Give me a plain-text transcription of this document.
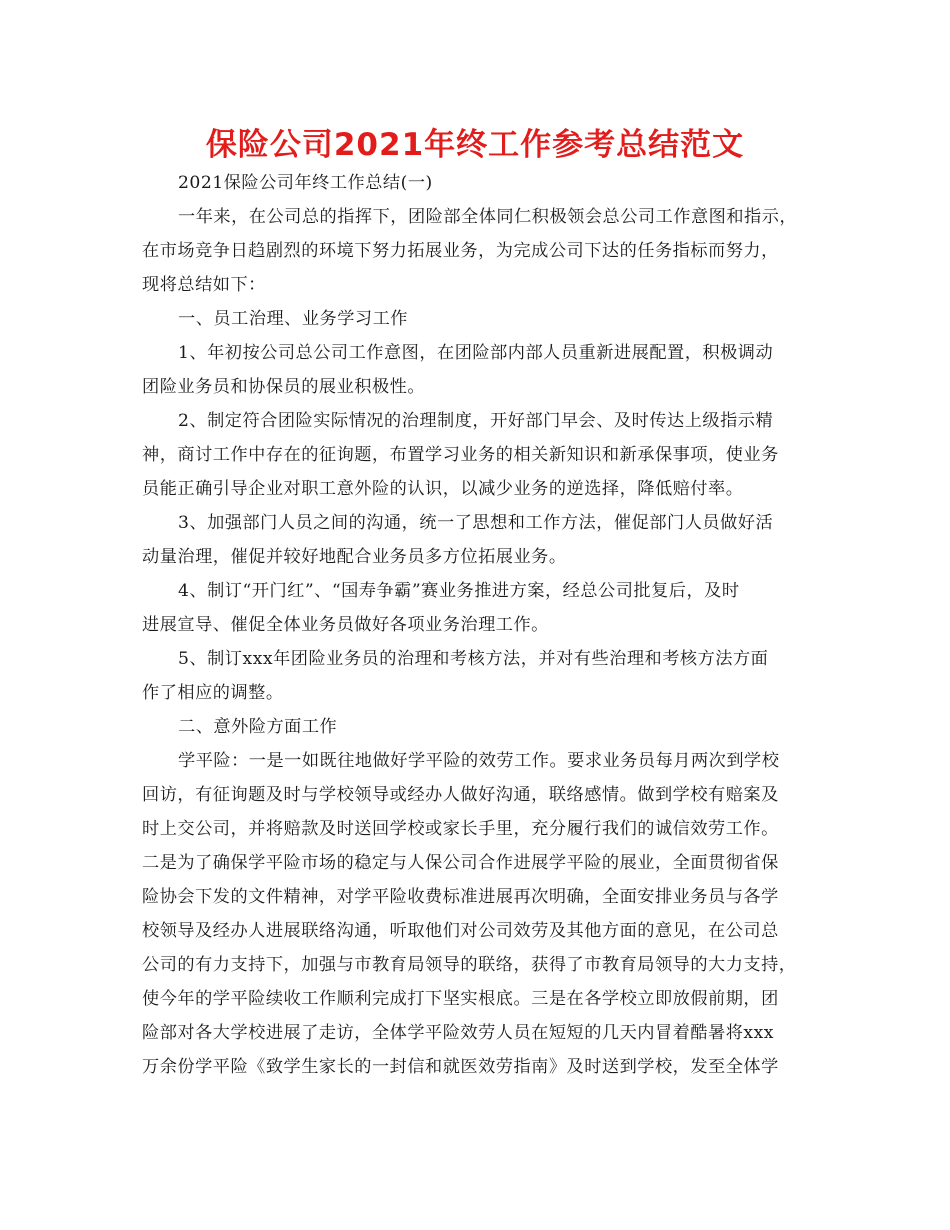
保险公司2021年终工作参考总结范文

2021保险公司年终工作总结(一)

一年来，在公司总的指挥下，团险部全体同仁积极领会总公司工作意图和指示，

在市场竞争日趋剧烈的环境下努力拓展业务，为完成公司下达的任务指标而努力，

现将总结如下：

一、员工治理、业务学习工作

1、年初按公司总公司工作意图，在团险部内部人员重新进展配置，积极调动

团险业务员和协保员的展业积极性。

2、制定符合团险实际情况的治理制度，开好部门早会、及时传达上级指示精

神，商讨工作中存在的征询题，布置学习业务的相关新知识和新承保事项，使业务

员能正确引导企业对职工意外险的认识，以减少业务的逆选择，降低赔付率。

3、加强部门人员之间的沟通，统一了思想和工作方法，催促部门人员做好活

动量治理，催促并较好地配合业务员多方位拓展业务。

4、制订“开门红”、“国寿争霸”赛业务推进方案，经总公司批复后，及时

进展宣导、催促全体业务员做好各项业务治理工作。

5、制订xxx年团险业务员的治理和考核方法，并对有些治理和考核方法方面

作了相应的调整。

二、意外险方面工作

学平险：一是一如既往地做好学平险的效劳工作。要求业务员每月两次到学校

回访，有征询题及时与学校领导或经办人做好沟通，联络感情。做到学校有赔案及

时上交公司，并将赔款及时送回学校或家长手里，充分履行我们的诚信效劳工作。

二是为了确保学平险市场的稳定与人保公司合作进展学平险的展业，全面贯彻省保

险协会下发的文件精神，对学平险收费标准进展再次明确，全面安排业务员与各学

校领导及经办人进展联络沟通，听取他们对公司效劳及其他方面的意见，在公司总

公司的有力支持下，加强与市教育局领导的联络，获得了市教育局领导的大力支持，

使今年的学平险续收工作顺利完成打下坚实根底。三是在各学校立即放假前期，团

险部对各大学校进展了走访，全体学平险效劳人员在短短的几天内冒着酷暑将xxx

万余份学平险《致学生家长的一封信和就医效劳指南》及时送到学校，发至全体学
